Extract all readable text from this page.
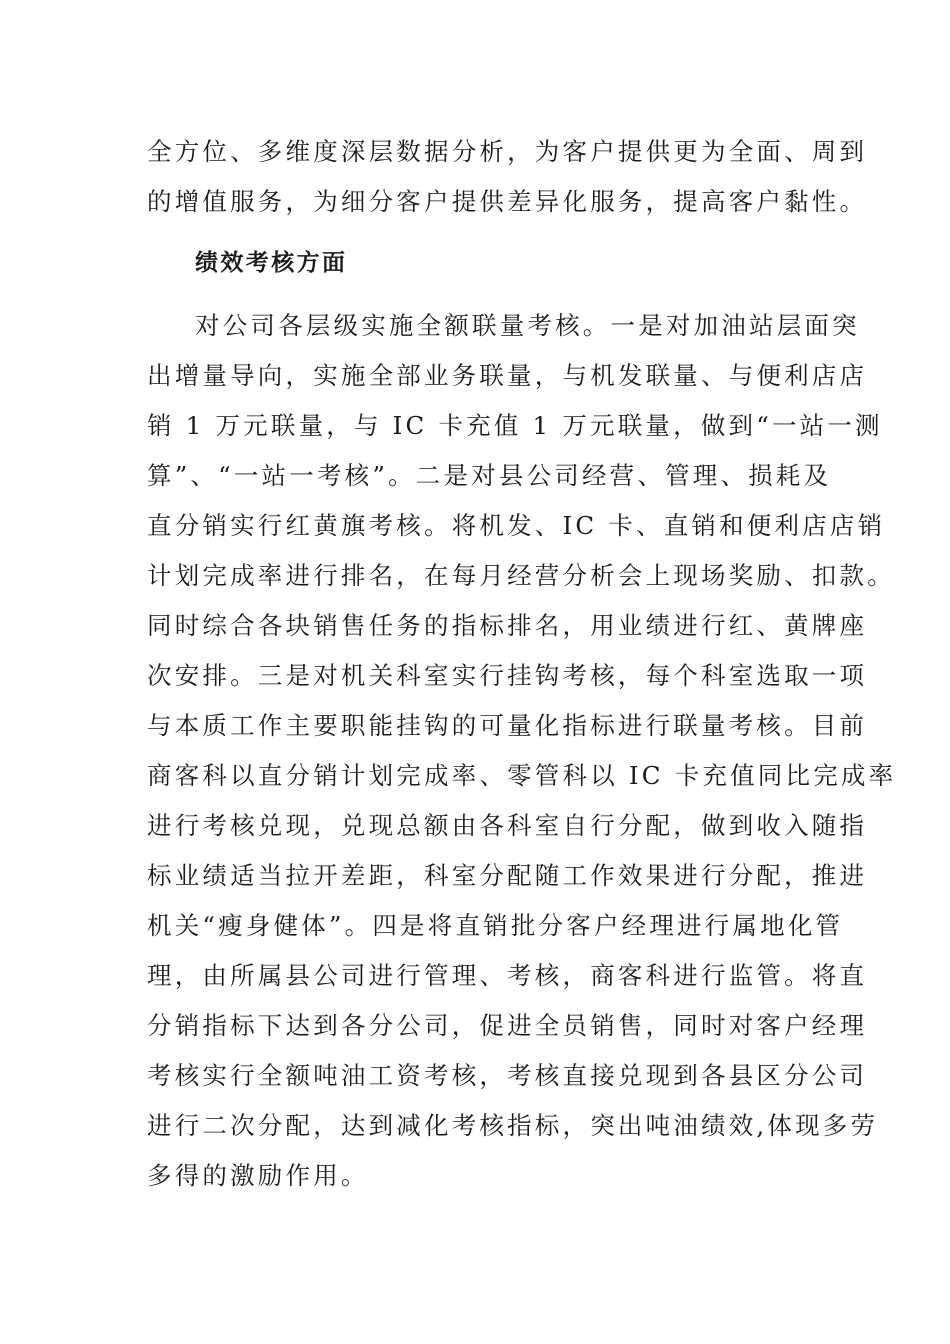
全方位、多维度深层数据分析，为客户提供更为全面、周到

的增值服务，为细分客户提供差异化服务，提高客户黏性。

绩效考核方面

对公司各层级实施全额联量考核。一是对加油站层面突

出增量导向，实施全部业务联量，与机发联量、与便利店店

销 1 万元联量，与 IC 卡充值 1 万元联量，做到“一站一测

算”、“一站一考核”。二是对县公司经营、管理、损耗及

直分销实行红黄旗考核。将机发、IC 卡、直销和便利店店销

计划完成率进行排名，在每月经营分析会上现场奖励、扣款。

同时综合各块销售任务的指标排名，用业绩进行红、黄牌座

次安排。三是对机关科室实行挂钩考核，每个科室选取一项

与本质工作主要职能挂钩的可量化指标进行联量考核。目前

商客科以直分销计划完成率、零管科以 IC 卡充值同比完成率

进行考核兑现，兑现总额由各科室自行分配，做到收入随指

标业绩适当拉开差距，科室分配随工作效果进行分配，推进

机关“瘦身健体”。四是将直销批分客户经理进行属地化管

理，由所属县公司进行管理、考核，商客科进行监管。将直

分销指标下达到各分公司，促进全员销售，同时对客户经理

考核实行全额吨油工资考核，考核直接兑现到各县区分公司

进行二次分配，达到减化考核指标，突出吨油绩效,体现多劳

多得的激励作用。
